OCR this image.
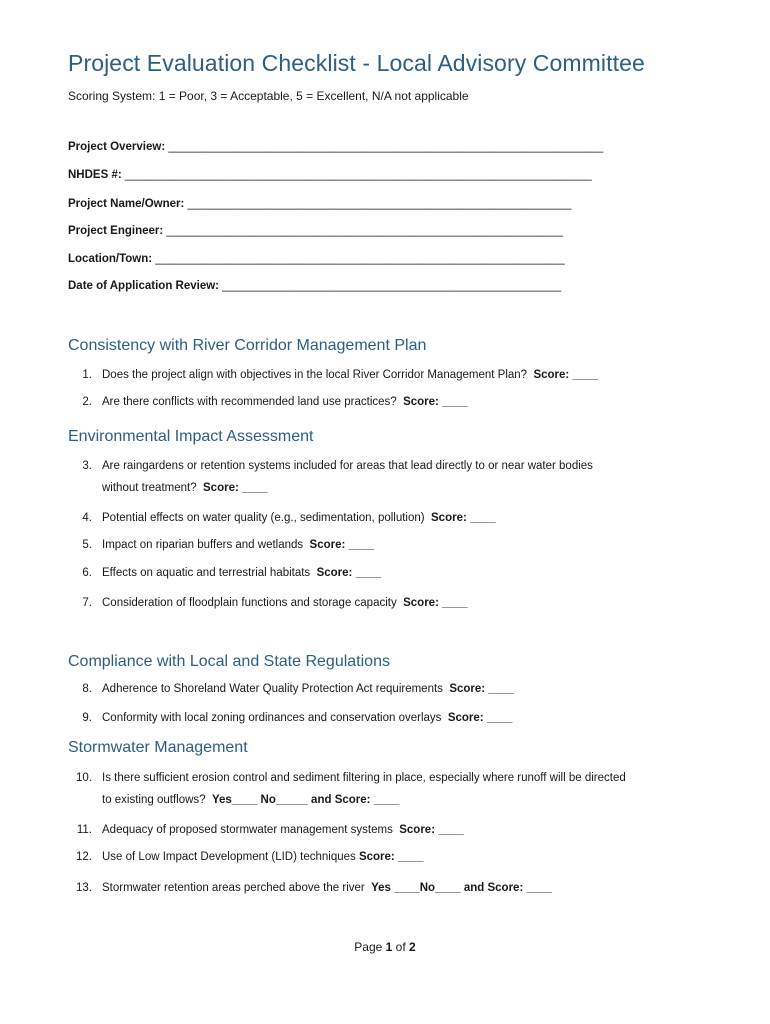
Project Evaluation Checklist - Local Advisory Committee
Scoring System: 1 = Poor, 3 = Acceptable, 5 = Excellent, N/A not applicable
Project Overview: ____________________________________________________________________
NHDES #: _________________________________________________________________________
Project Name/Owner: ____________________________________________________________
Project Engineer: ______________________________________________________________
Location/Town: ________________________________________________________________
Date of Application Review: _____________________________________________________
Consistency with River Corridor Management Plan
1. Does the project align with objectives in the local River Corridor Management Plan? Score: ____
2. Are there conflicts with recommended land use practices? Score: ____
Environmental Impact Assessment
3. Are raingardens or retention systems included for areas that lead directly to or near water bodies
without treatment? Score: ____
4. Potential effects on water quality (e.g., sedimentation, pollution) Score: ____
5. Impact on riparian buffers and wetlands Score: ____
6. Effects on aquatic and terrestrial habitats Score: ____
7. Consideration of floodplain functions and storage capacity Score: ____
Compliance with Local and State Regulations
8. Adherence to Shoreland Water Quality Protection Act requirements Score: ____
9. Conformity with local zoning ordinances and conservation overlays Score: ____
Stormwater Management
10. Is there sufficient erosion control and sediment filtering in place, especially where runoff will be directed
to existing outflows? Yes____ No_____ and Score: ____
11. Adequacy of proposed stormwater management systems Score: ____
12. Use of Low Impact Development (LID) techniques Score: ____
13. Stormwater retention areas perched above the river Yes ____No____ and Score: ____
Page 1 of 2
